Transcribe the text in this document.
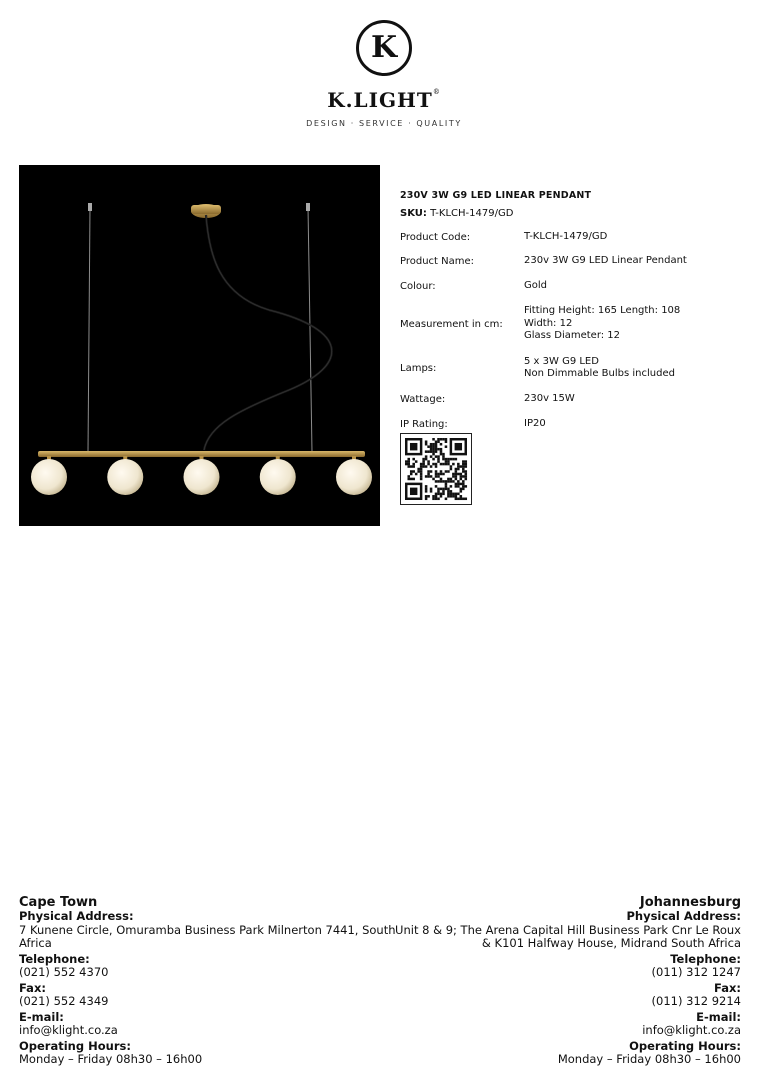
K
K.LIGHT®
DESIGN · SERVICE · QUALITY
230V 3W G9 LED LINEAR PENDANT
SKU: T-KLCH-1479/GD
Product Code:	T-KLCH-1479/GD
Product Name:	230v 3W G9 LED Linear Pendant
Colour:	Gold
Measurement in cm:
Fitting Height: 165 Length: 108
Width: 12
Glass Diameter: 12
Lamps:
5 x 3W G9 LED
Non Dimmable Bulbs included
Wattage:	230v 15W
IP Rating:	IP20
Cape Town
Physical Address:
7 Kunene Circle, Omuramba Business Park Milnerton 7441, South Africa
Telephone:
(021) 552 4370
Fax:
(021) 552 4349
E-mail:
info@klight.co.za
Operating Hours:
Monday – Friday 08h30 – 16h00
Johannesburg
Physical Address:
Unit 8 & 9; The Arena Capital Hill Business Park Cnr Le Roux
& K101 Halfway House, Midrand South Africa
Telephone:
(011) 312 1247
Fax:
(011) 312 9214
E-mail:
info@klight.co.za
Operating Hours:
Monday – Friday 08h30 – 16h00
